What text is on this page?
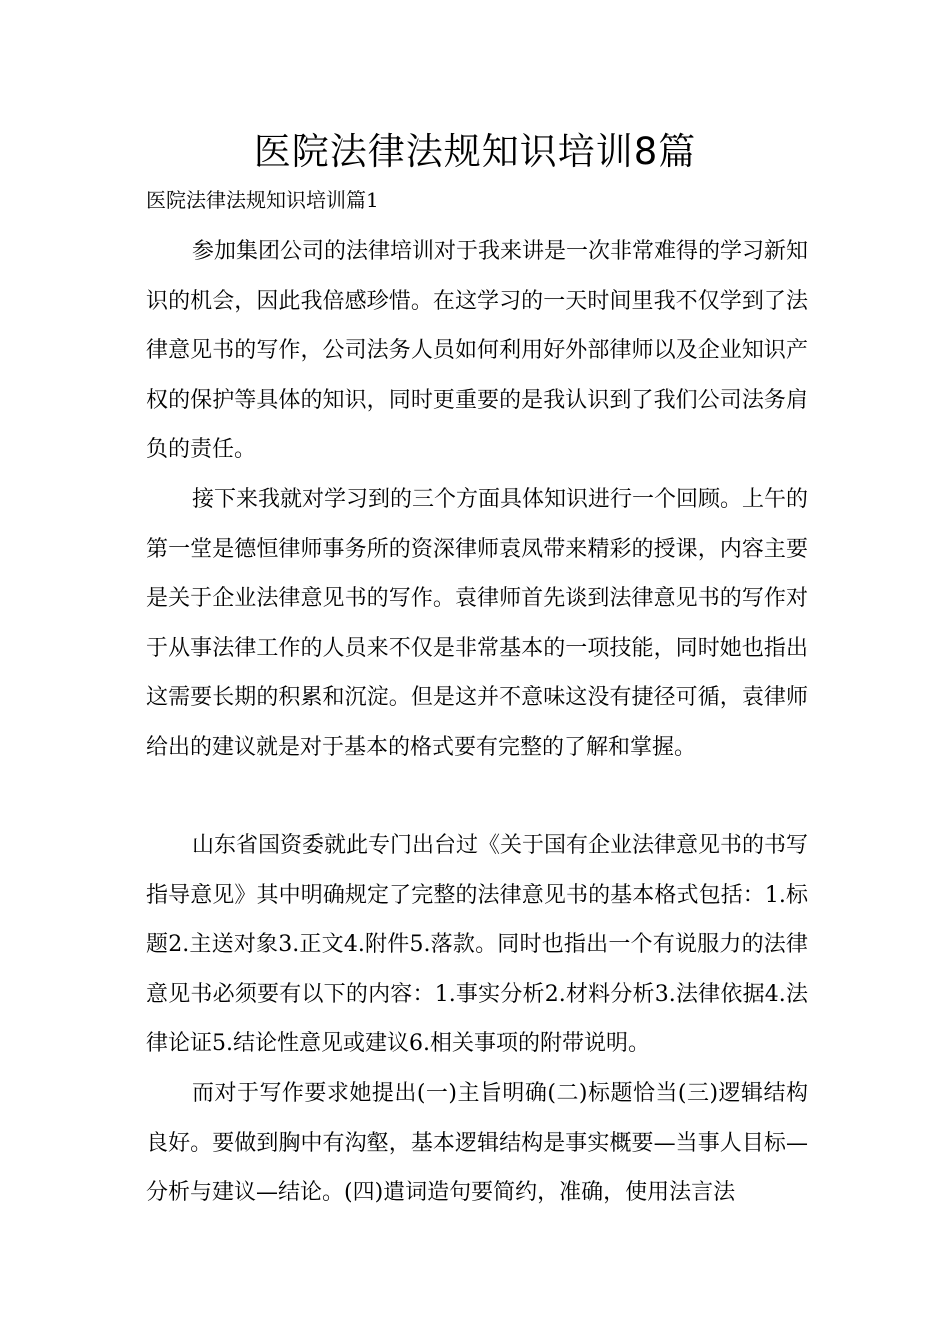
医院法律法规知识培训8篇
医院法律法规知识培训篇1

参加集团公司的法律培训对于我来讲是一次非常难得的学习新知识的机会，因此我倍感珍惜。在这学习的一天时间里我不仅学到了法律意见书的写作，公司法务人员如何利用好外部律师以及企业知识产权的保护等具体的知识，同时更重要的是我认识到了我们公司法务肩负的责任。

接下来我就对学习到的三个方面具体知识进行一个回顾。上午的第一堂是德恒律师事务所的资深律师袁凤带来精彩的授课，内容主要是关于企业法律意见书的写作。袁律师首先谈到法律意见书的写作对于从事法律工作的人员来不仅是非常基本的一项技能，同时她也指出这需要长期的积累和沉淀。但是这并不意味这没有捷径可循，袁律师给出的建议就是对于基本的格式要有完整的了解和掌握。

山东省国资委就此专门出台过《关于国有企业法律意见书的书写指导意见》其中明确规定了完整的法律意见书的基本格式包括：1.标题2.主送对象3.正文4.附件5.落款。同时也指出一个有说服力的法律意见书必须要有以下的内容：1.事实分析2.材料分析3.法律依据4.法律论证5.结论性意见或建议6.相关事项的附带说明。

而对于写作要求她提出(一)主旨明确(二)标题恰当(三)逻辑结构良好。要做到胸中有沟壑，基本逻辑结构是事实概要—当事人目标—分析与建议—结论。(四)遣词造句要简约，准确，使用法言法
